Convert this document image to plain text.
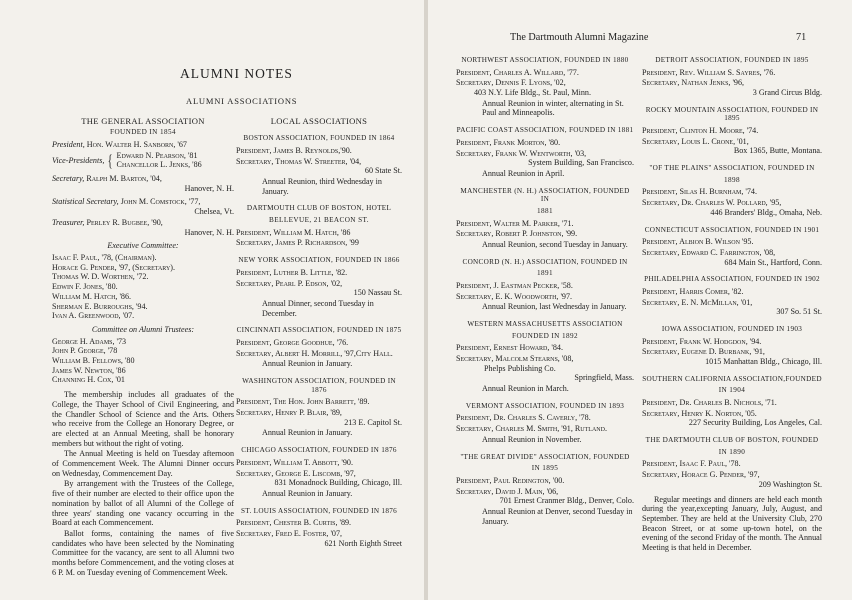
ALUMNI NOTES
ALUMNI ASSOCIATIONS
THE GENERAL ASSOCIATION
FOUNDED IN 1854
President, Hon. Walter H. Sanborn, '67
Vice-Presidents, { Edward N. Pearson, '81
Chancellor L. Jenks, '86
Secretary, Ralph M. Barton, '04,
Hanover, N. H.
Statistical Secretary, John M. Comstock, '77,
Chelsea, Vt.
Treasurer, Perley R. Bugbee, '90,
Hanover, N. H.
Executive Committee:
Isaac F. Paul, '78, (Chairman).
Horace G. Pender, '97, (Secretary).
Thomas W. D. Worthen, '72.
Edwin F. Jones, '80.
William M. Hatch, '86.
Sherman E. Burroughs, '94.
Ivan A. Greenwood, '07.
Committee on Alumni Trustees:
George H. Adams, '73
John P. George, '78
William B. Fellows, '80
James W. Newton, '86
Channing H. Cox, '01
The membership includes all graduates of the College, the Thayer School of Civil Engineering, and the Chandler School of Science and the Arts. Others who receive from the College an Honorary Degree, or are elected at an Annual Meeting, shall be honorary members but without the right of voting.
The Annual Meeting is held on Tuesday afternoon of Commencement Week. The Alumni Dinner occurs on Wednesday, Commencement Day.
By arrangement with the Trustees of the College, five of their number are elected to their office upon the nomination by ballot of all Alumni of the College of three years' standing one vacancy occurring in the Board at each Commencement.
Ballot forms, containing the names of five candidates who have been selected by the Nominating Committee for the vacancy, are sent to all Alumni two months before Commencement, and the voting closes at 6 P. M. on Tuesday evening of Commencement Week.
LOCAL ASSOCIATIONS
BOSTON ASSOCIATION, FOUNDED IN 1864
President, James B. Reynolds,'90.
Secretary, Thomas W. Streeter, '04,
60 State St.
Annual Reunion, third Wednesday in January.
DARTMOUTH CLUB OF BOSTON, HOTEL
BELLEVUE, 21 BEACON ST.
President, William M. Hatch, '86
Secretary, James P. Richardson, '99
NEW YORK ASSOCIATION, FOUNDED IN 1866
President, Luther B. Little, '82.
Secretary, Pearl P. Edson, '02,
150 Nassau St.
Annual Dinner, second Tuesday in December.
CINCINNATI ASSOCIATION, FOUNDED IN 1875
President, George Goodhue, '76.
Secretary, Albert H. Morrill, '97,City Hall.
Annual Reunion in January.
WASHINGTON ASSOCIATION, FOUNDED IN 1876
President, The Hon. John Barrett, '89.
Secretary, Henry P. Blair, '89,
213 E. Capitol St.
Annual Reunion in January.
CHICAGO ASSOCIATION, FOUNDED IN 1876
President, William T. Abbott, '90.
Secretary, George E. Liscomb, '97,
831 Monadnock Building, Chicago, Ill.
Annual Reunion in January.
ST. LOUIS ASSOCIATION, FOUNDED IN 1876
President, Chester B. Curtis, '89.
Secretary, Fred E. Foster, '07,
621 North Eighth Street
The Dartmouth Alumni Magazine	71
NORTHWEST ASSOCIATION, FOUNDED IN 1880
President, Charles A. Willard, '77.
Secretary, Dennis F. Lyons, '02,
403 N.Y. Life Bldg., St. Paul, Minn.
Annual Reunion in winter, alternating in St. Paul and Minneapolis.
PACIFIC COAST ASSOCIATION, FOUNDED IN 1881
President, Frank Morton, '80.
Secretary, Frank W. Wentworth, '03,
System Building, San Francisco.
Annual Reunion in April.
MANCHESTER (N. H.) ASSOCIATION, FOUNDED IN
1881
President, Walter M. Parker, '71.
Secretary, Robert P. Johnston, '99.
Annual Reunion, second Tuesday in January.
CONCORD (N. H.) ASSOCIATION, FOUNDED IN
1891
President, J. Eastman Pecker, '58.
Secretary, E. K. Woodworth, '97.
Annual Reunion, last Wednesday in January.
WESTERN MASSACHUSETTS ASSOCIATION
FOUNDED IN 1892
President, Ernest Howard, '84.
Secretary, Malcolm Stearns, '08,
Phelps Publishing Co.
Springfield, Mass.
Annual Reunion in March.
VERMONT ASSOCIATION, FOUNDED IN 1893
President, Dr. Charles S. Caverly, '78.
Secretary, Charles M. Smith, '91, Rutland.
Annual Reunion in November.
"THE GREAT DIVIDE" ASSOCIATION, FOUNDED
IN 1895
President, Paul Redington, '00.
Secretary, David J. Main, '06,
701 Ernest Cranmer Bldg., Denver, Colo.
Annual Reunion at Denver, second Tuesday in January.
DETROIT ASSOCIATION, FOUNDED IN 1895
President, Rev. William S. Sayres, '76.
Secretary, Nathan Jenks, '96,
3 Grand Circus Bldg.
ROCKY MOUNTAIN ASSOCIATION, FOUNDED IN 1895
President, Clinton H. Moore, '74.
Secretary, Louis L. Crone, '01,
Box 1365, Butte, Montana.
"OF THE PLAINS" ASSOCIATION, FOUNDED IN
1898
President, Silas H. Burnham, '74.
Secretary, Dr. Charles W. Pollard, '95,
446 Branders' Bldg., Omaha, Neb.
CONNECTICUT ASSOCIATION, FOUNDED IN 1901
President, Albion B. Wilson '95.
Secretary, Edward C. Farrington, '08,
684 Main St., Hartford, Conn.
PHILADELPHIA ASSOCIATION, FOUNDED IN 1902
President, Harris Comer, '82.
Secretary, E. N. McMillan, '01,
307 So. 51 St.
IOWA ASSOCIATION, FOUNDED IN 1903
President, Frank W. Hodgdon, '94.
Secretary, Eugene D. Burbank, '91,
1015 Manhattan Bldg., Chicago, Ill.
SOUTHERN CALIFORNIA ASSOCIATION,FOUNDED
IN 1904
President, Dr. Charles B. Nichols, '71.
Secretary, Henry K. Norton, '05.
227 Security Building, Los Angeles, Cal.
THE DARTMOUTH CLUB OF BOSTON, FOUNDED
IN 1890
President, Isaac F. Paul, '78.
Secretary, Horace G. Pender, '97,
209 Washington St.
Regular meetings and dinners are held each month during the year,excepting January, July, August, and September. They are held at the University Club, 270 Beacon Street, or at some up-town hotel, on the evening of the second Friday of the month. The Annual Meeting is that held in December.
